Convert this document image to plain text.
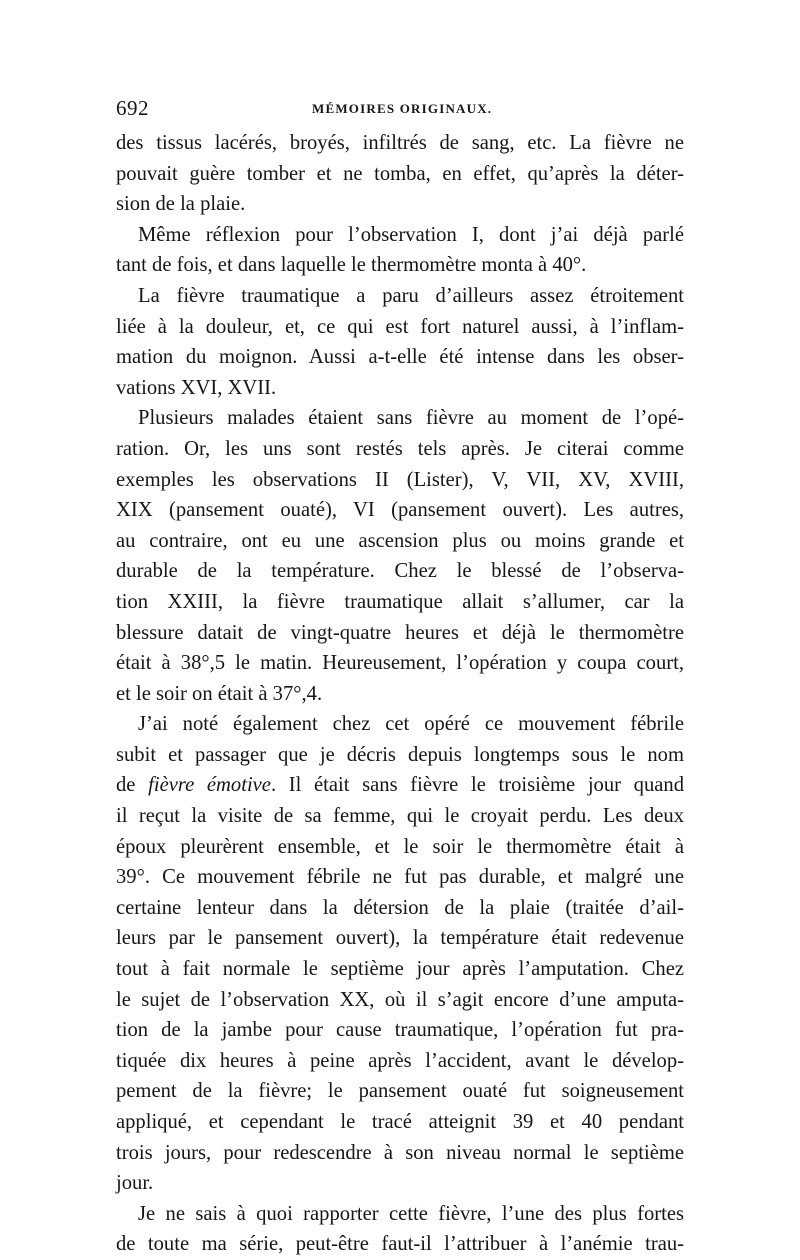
692	MÉMOIRES ORIGINAUX.
des tissus lacérés, broyés, infiltrés de sang, etc. La fièvre ne
pouvait guère tomber et ne tomba, en effet, qu’après la déter-
sion de la plaie.
Même réflexion pour l’observation I, dont j’ai déjà parlé
tant de fois, et dans laquelle le thermomètre monta à 40°.
La fièvre traumatique a paru d’ailleurs assez étroitement
liée à la douleur, et, ce qui est fort naturel aussi, à l’inflam-
mation du moignon. Aussi a-t-elle été intense dans les obser-
vations XVI, XVII.
Plusieurs malades étaient sans fièvre au moment de l’opé-
ration. Or, les uns sont restés tels après. Je citerai comme
exemples les observations II (Lister), V, VII, XV, XVIII,
XIX (pansement ouaté), VI (pansement ouvert). Les autres,
au contraire, ont eu une ascension plus ou moins grande et
durable de la température. Chez le blessé de l’observa-
tion XXIII, la fièvre traumatique allait s’allumer, car la
blessure datait de vingt-quatre heures et déjà le thermomètre
était à 38°,5 le matin. Heureusement, l’opération y coupa court,
et le soir on était à 37°,4.
J’ai noté également chez cet opéré ce mouvement fébrile
subit et passager que je décris depuis longtemps sous le nom
de fièvre émotive. Il était sans fièvre le troisième jour quand
il reçut la visite de sa femme, qui le croyait perdu. Les deux
époux pleurèrent ensemble, et le soir le thermomètre était à
39°. Ce mouvement fébrile ne fut pas durable, et malgré une
certaine lenteur dans la détersion de la plaie (traitée d’ail-
leurs par le pansement ouvert), la température était redevenue
tout à fait normale le septième jour après l’amputation. Chez
le sujet de l’observation XX, où il s’agit encore d’une amputa-
tion de la jambe pour cause traumatique, l’opération fut pra-
tiquée dix heures à peine après l’accident, avant le dévelop-
pement de la fièvre; le pansement ouaté fut soigneusement
appliqué, et cependant le tracé atteignit 39 et 40 pendant
trois jours, pour redescendre à son niveau normal le septième
jour.
Je ne sais à quoi rapporter cette fièvre, l’une des plus fortes
de toute ma série, peut-être faut-il l’attribuer à l’anémie trau-
